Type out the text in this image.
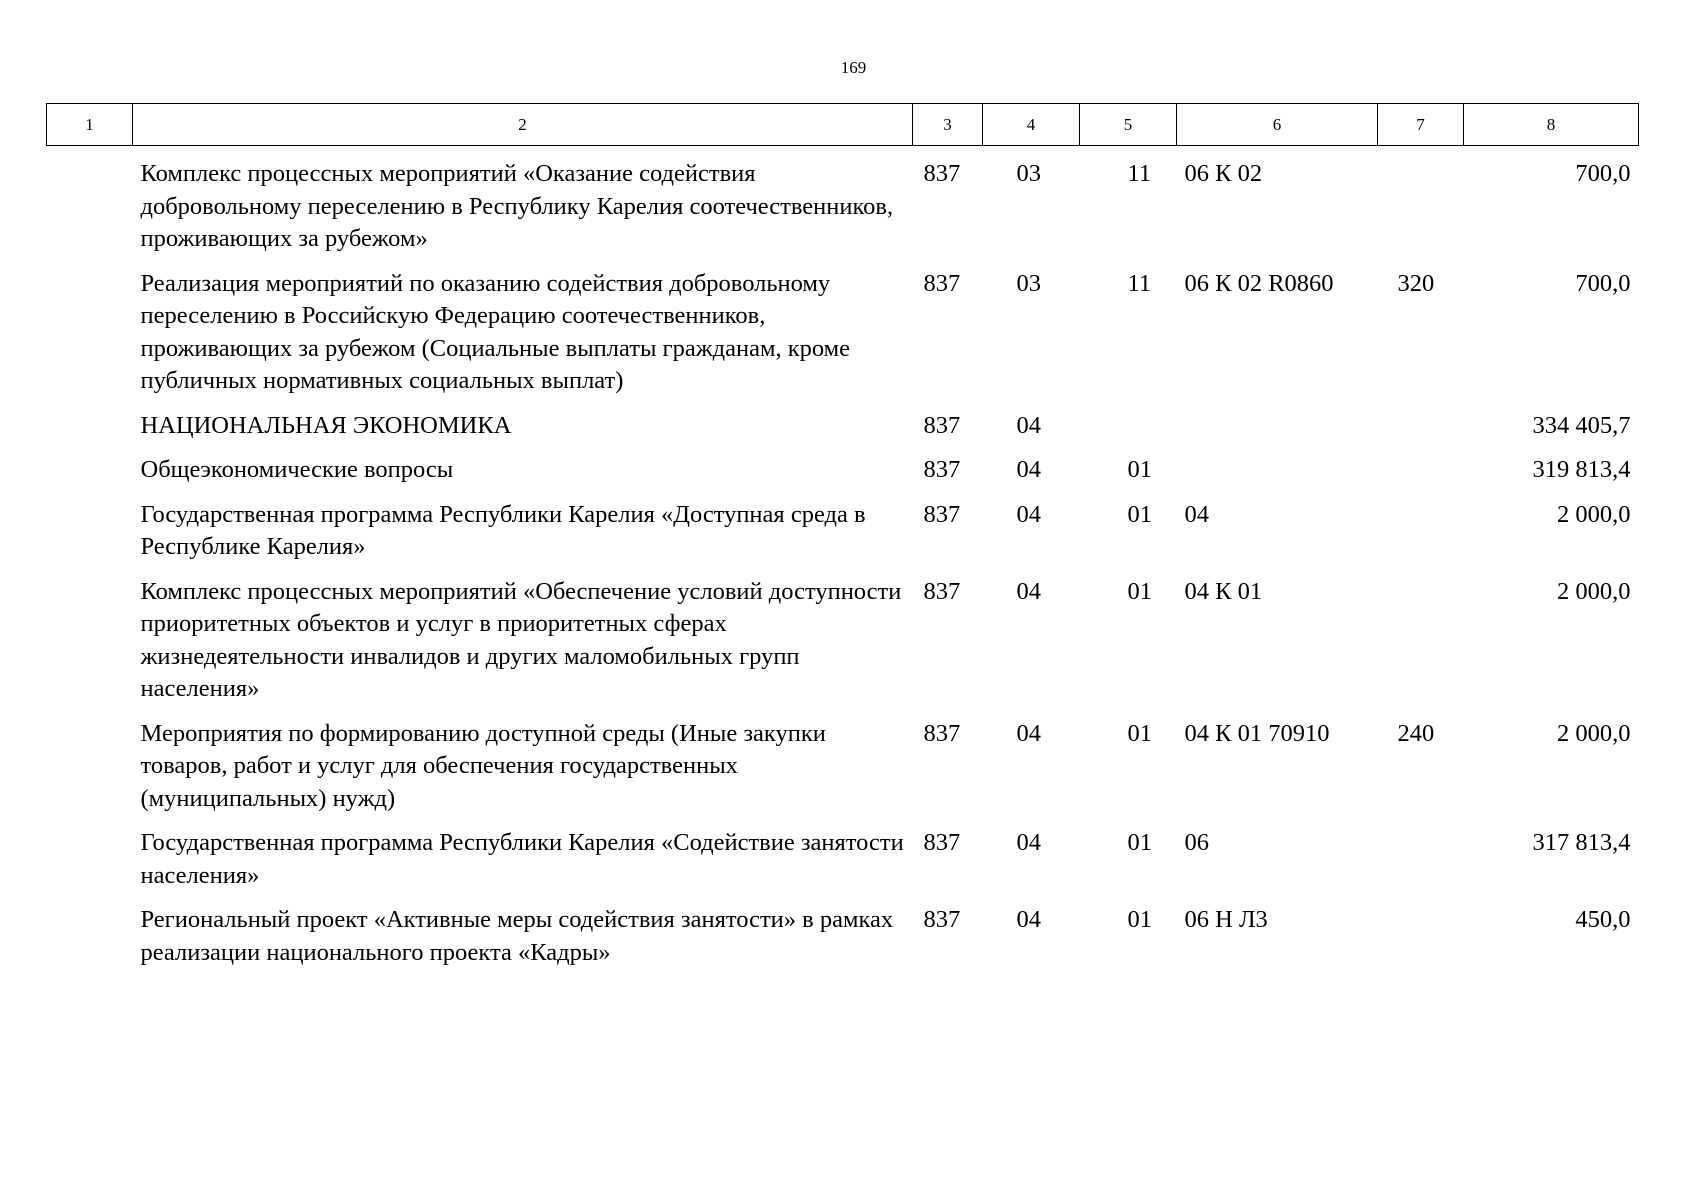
169
1	2	3	4	5	6	7	8
	Комплекс процессных мероприятий «Оказание содействия добровольному переселению в Республику Карелия соотечественников, проживающих за рубежом»	837	03	11	06 К 02		700,0
	Реализация мероприятий по оказанию содействия добровольному переселению в Российскую Федерацию соотечественников, проживающих за рубежом (Социальные выплаты гражданам, кроме публичных нормативных социальных выплат)	837	03	11	06 К 02 R0860	320	700,0
	НАЦИОНАЛЬНАЯ ЭКОНОМИКА	837	04				334 405,7
	Общеэкономические вопросы	837	04	01			319 813,4
	Государственная программа Республики Карелия «Доступная среда в Республике Карелия»	837	04	01	04		2 000,0
	Комплекс процессных мероприятий «Обеспечение условий доступности приоритетных объектов и услуг в приоритетных сферах жизнедеятельности инвалидов и других маломобильных групп населения»	837	04	01	04 К 01		2 000,0
	Мероприятия по формированию доступной среды (Иные закупки товаров, работ и услуг для обеспечения государственных (муниципальных) нужд)	837	04	01	04 К 01 70910	240	2 000,0
	Государственная программа Республики Карелия «Содействие занятости населения»	837	04	01	06		317 813,4
	Региональный проект «Активные меры содействия занятости» в рамках реализации национального проекта «Кадры»	837	04	01	06 Н Л3		450,0
